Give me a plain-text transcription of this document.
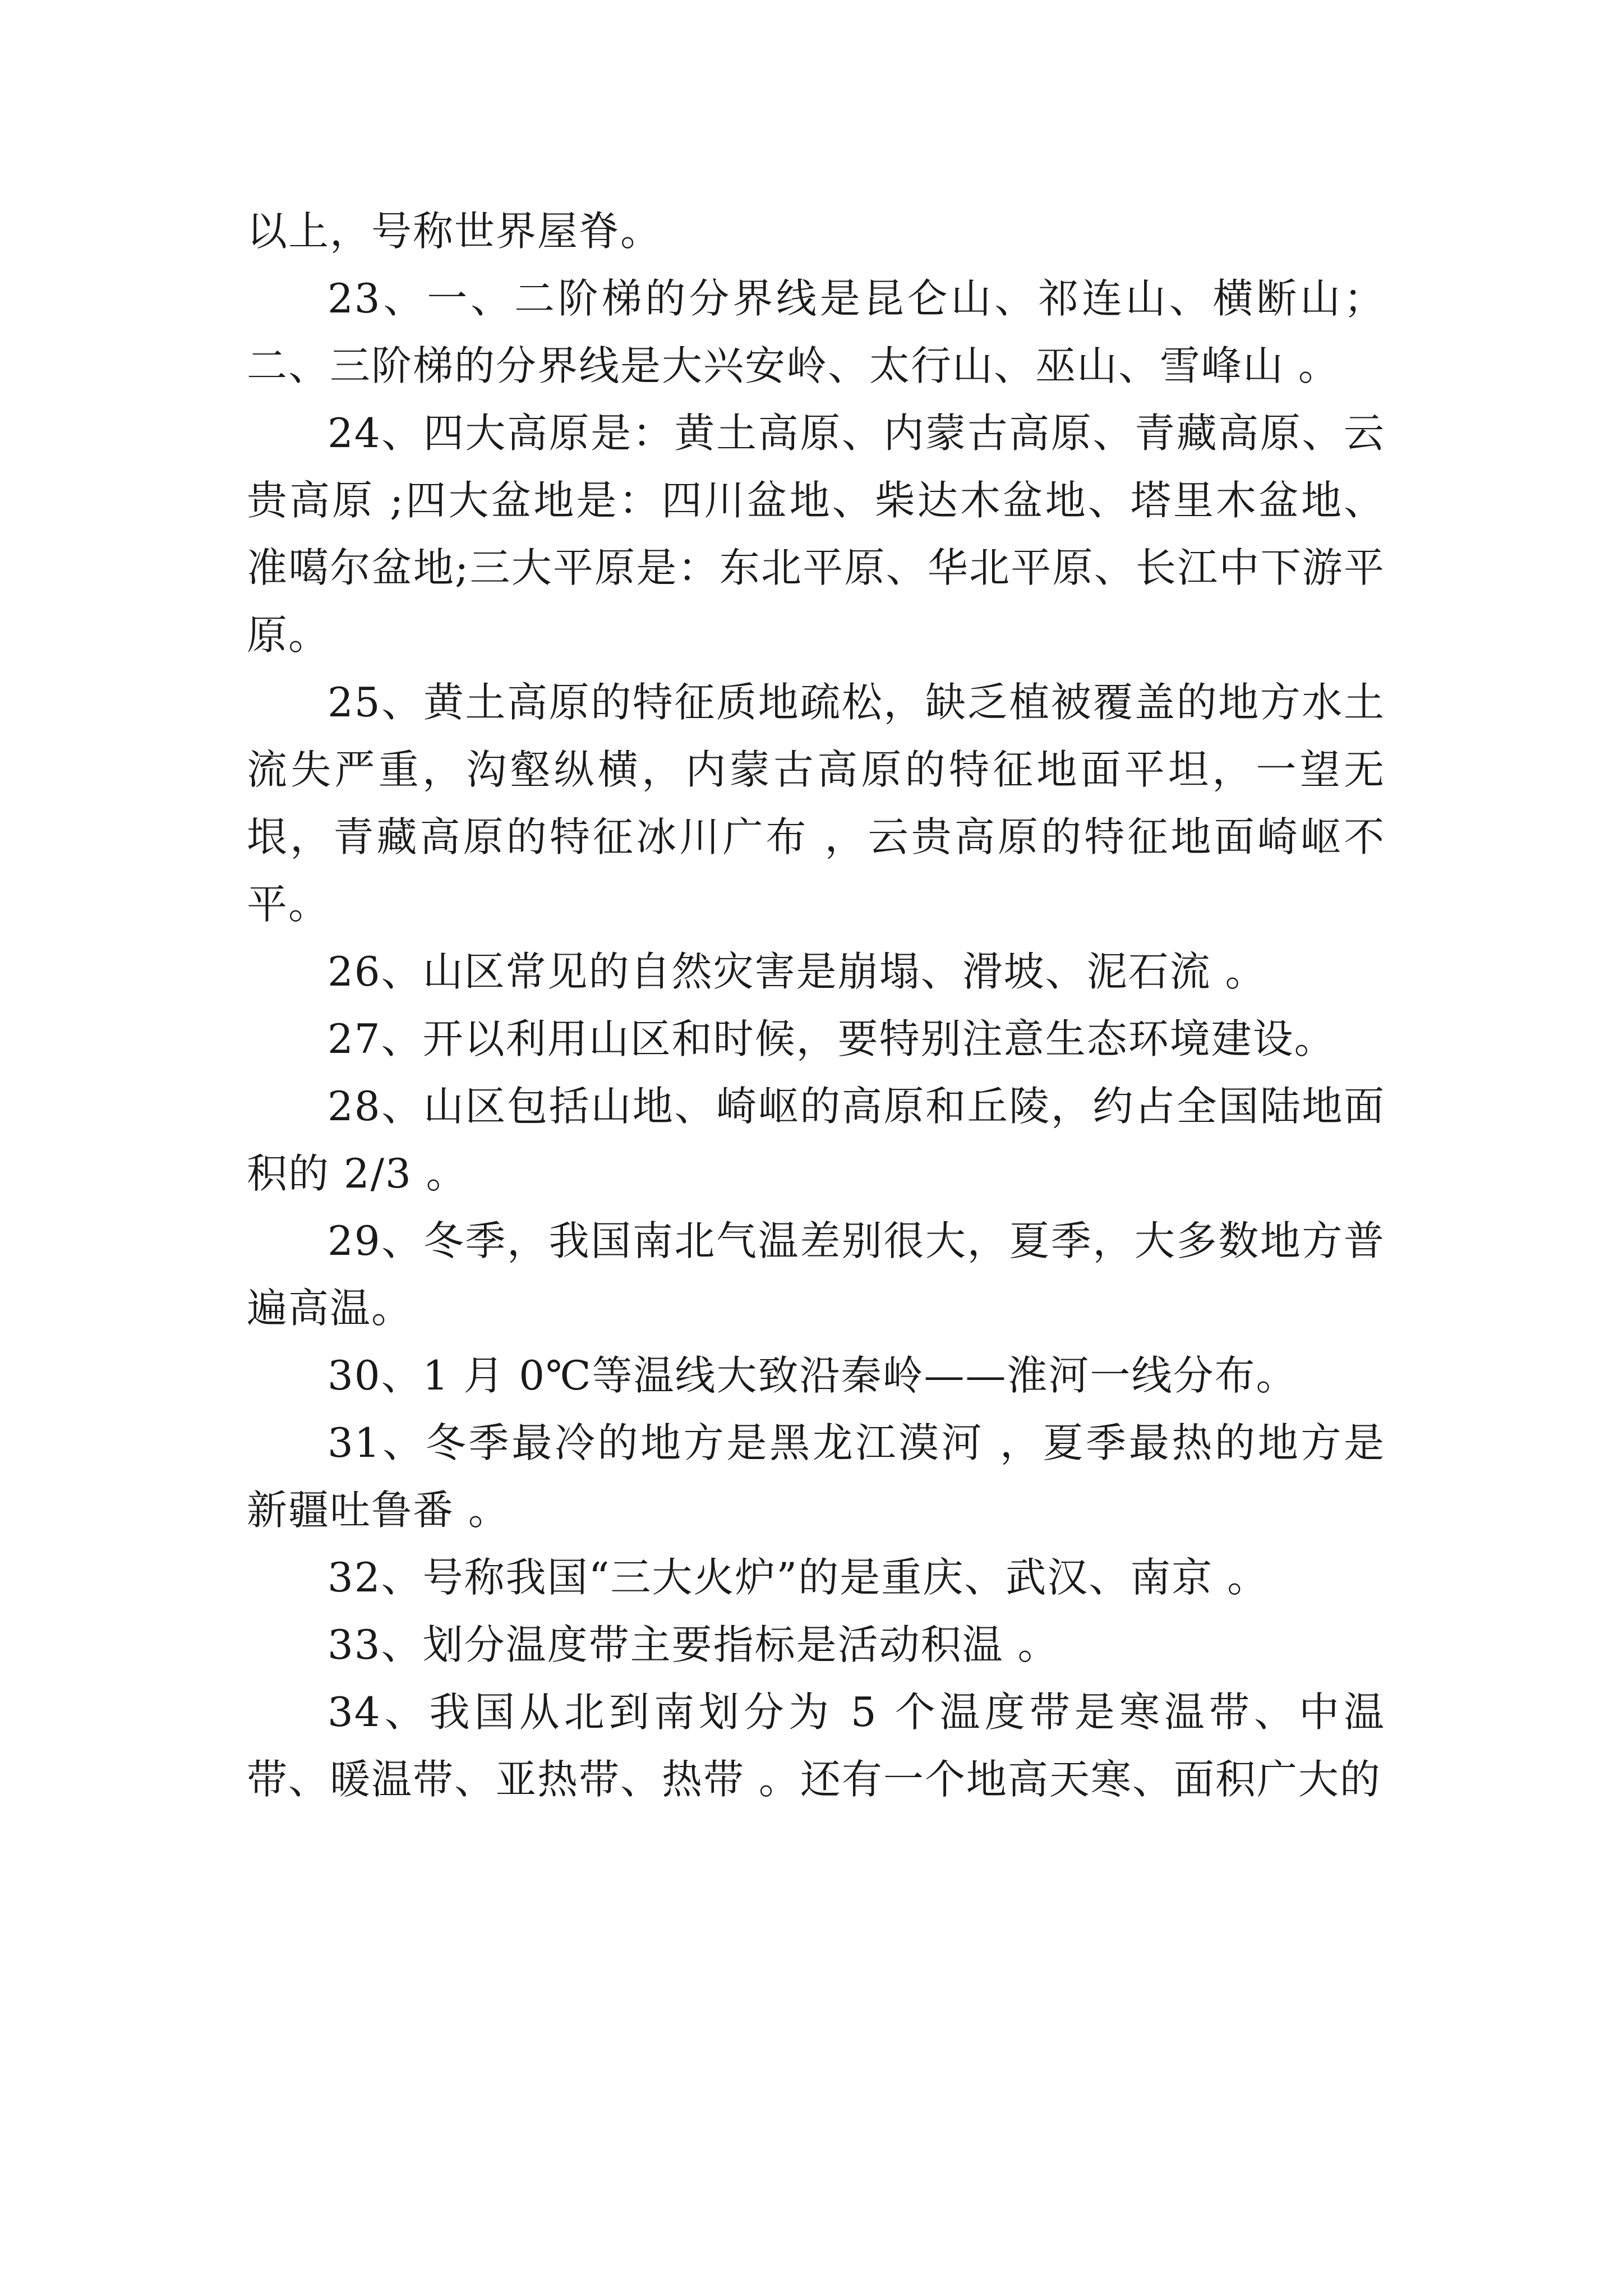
以上，号称世界屋脊。

23、一、二阶梯的分界线是昆仑山、祁连山、横断山；二、三阶梯的分界线是大兴安岭、太行山、巫山、雪峰山 。

24、四大高原是：黄土高原、内蒙古高原、青藏高原、云贵高原 ;四大盆地是：四川盆地、柴达木盆地、塔里木盆地、准噶尔盆地;三大平原是：东北平原、华北平原、长江中下游平原。

25、黄土高原的特征质地疏松，缺乏植被覆盖的地方水土流失严重，沟壑纵横，内蒙古高原的特征地面平坦，一望无垠，青藏高原的特征冰川广布 ，云贵高原的特征地面崎岖不平。

26、山区常见的自然灾害是崩塌、滑坡、泥石流 。

27、开以利用山区和时候，要特别注意生态环境建设。

28、山区包括山地、崎岖的高原和丘陵，约占全国陆地面积的 2/3 。

29、冬季，我国南北气温差别很大，夏季，大多数地方普遍高温。

30、1 月 0℃等温线大致沿秦岭——淮河一线分布。

31、冬季最冷的地方是黑龙江漠河 ，夏季最热的地方是新疆吐鲁番 。

32、号称我国“三大火炉”的是重庆、武汉、南京 。

33、划分温度带主要指标是活动积温 。

34、我国从北到南划分为 5 个温度带是寒温带、中温带、暖温带、亚热带、热带 。还有一个地高天寒、面积广大的
